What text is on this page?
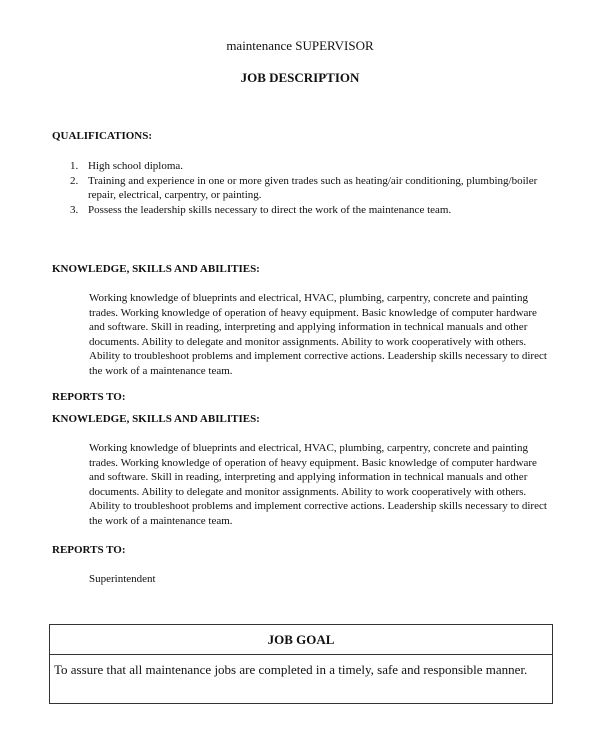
maintenance SUPERVISOR
JOB DESCRIPTION
QUALIFICATIONS:
1. High school diploma.
2. Training and experience in one or more given trades such as heating/air conditioning, plumbing/boiler repair, electrical, carpentry, or painting.
3. Possess the leadership skills necessary to direct the work of the maintenance team.
KNOWLEDGE, SKILLS AND ABILITIES:

Working knowledge of blueprints and electrical, HVAC, plumbing, carpentry, concrete and painting trades. Working knowledge of operation of heavy equipment. Basic knowledge of computer hardware and software. Skill in reading, interpreting and applying information in technical manuals and other documents. Ability to delegate and monitor assignments. Ability to work cooperatively with others. Ability to troubleshoot problems and implement corrective actions. Leadership skills necessary to direct the work of a maintenance team.

REPORTS TO:
KNOWLEDGE, SKILLS AND ABILITIES:

Working knowledge of blueprints and electrical, HVAC, plumbing, carpentry, concrete and painting trades. Working knowledge of operation of heavy equipment. Basic knowledge of computer hardware and software. Skill in reading, interpreting and applying information in technical manuals and other documents. Ability to delegate and monitor assignments. Ability to work cooperatively with others. Ability to troubleshoot problems and implement corrective actions. Leadership skills necessary to direct the work of a maintenance team.

REPORTS TO:
Superintendent
JOB GOAL

To assure that all maintenance jobs are completed in a timely, safe and responsible manner.
